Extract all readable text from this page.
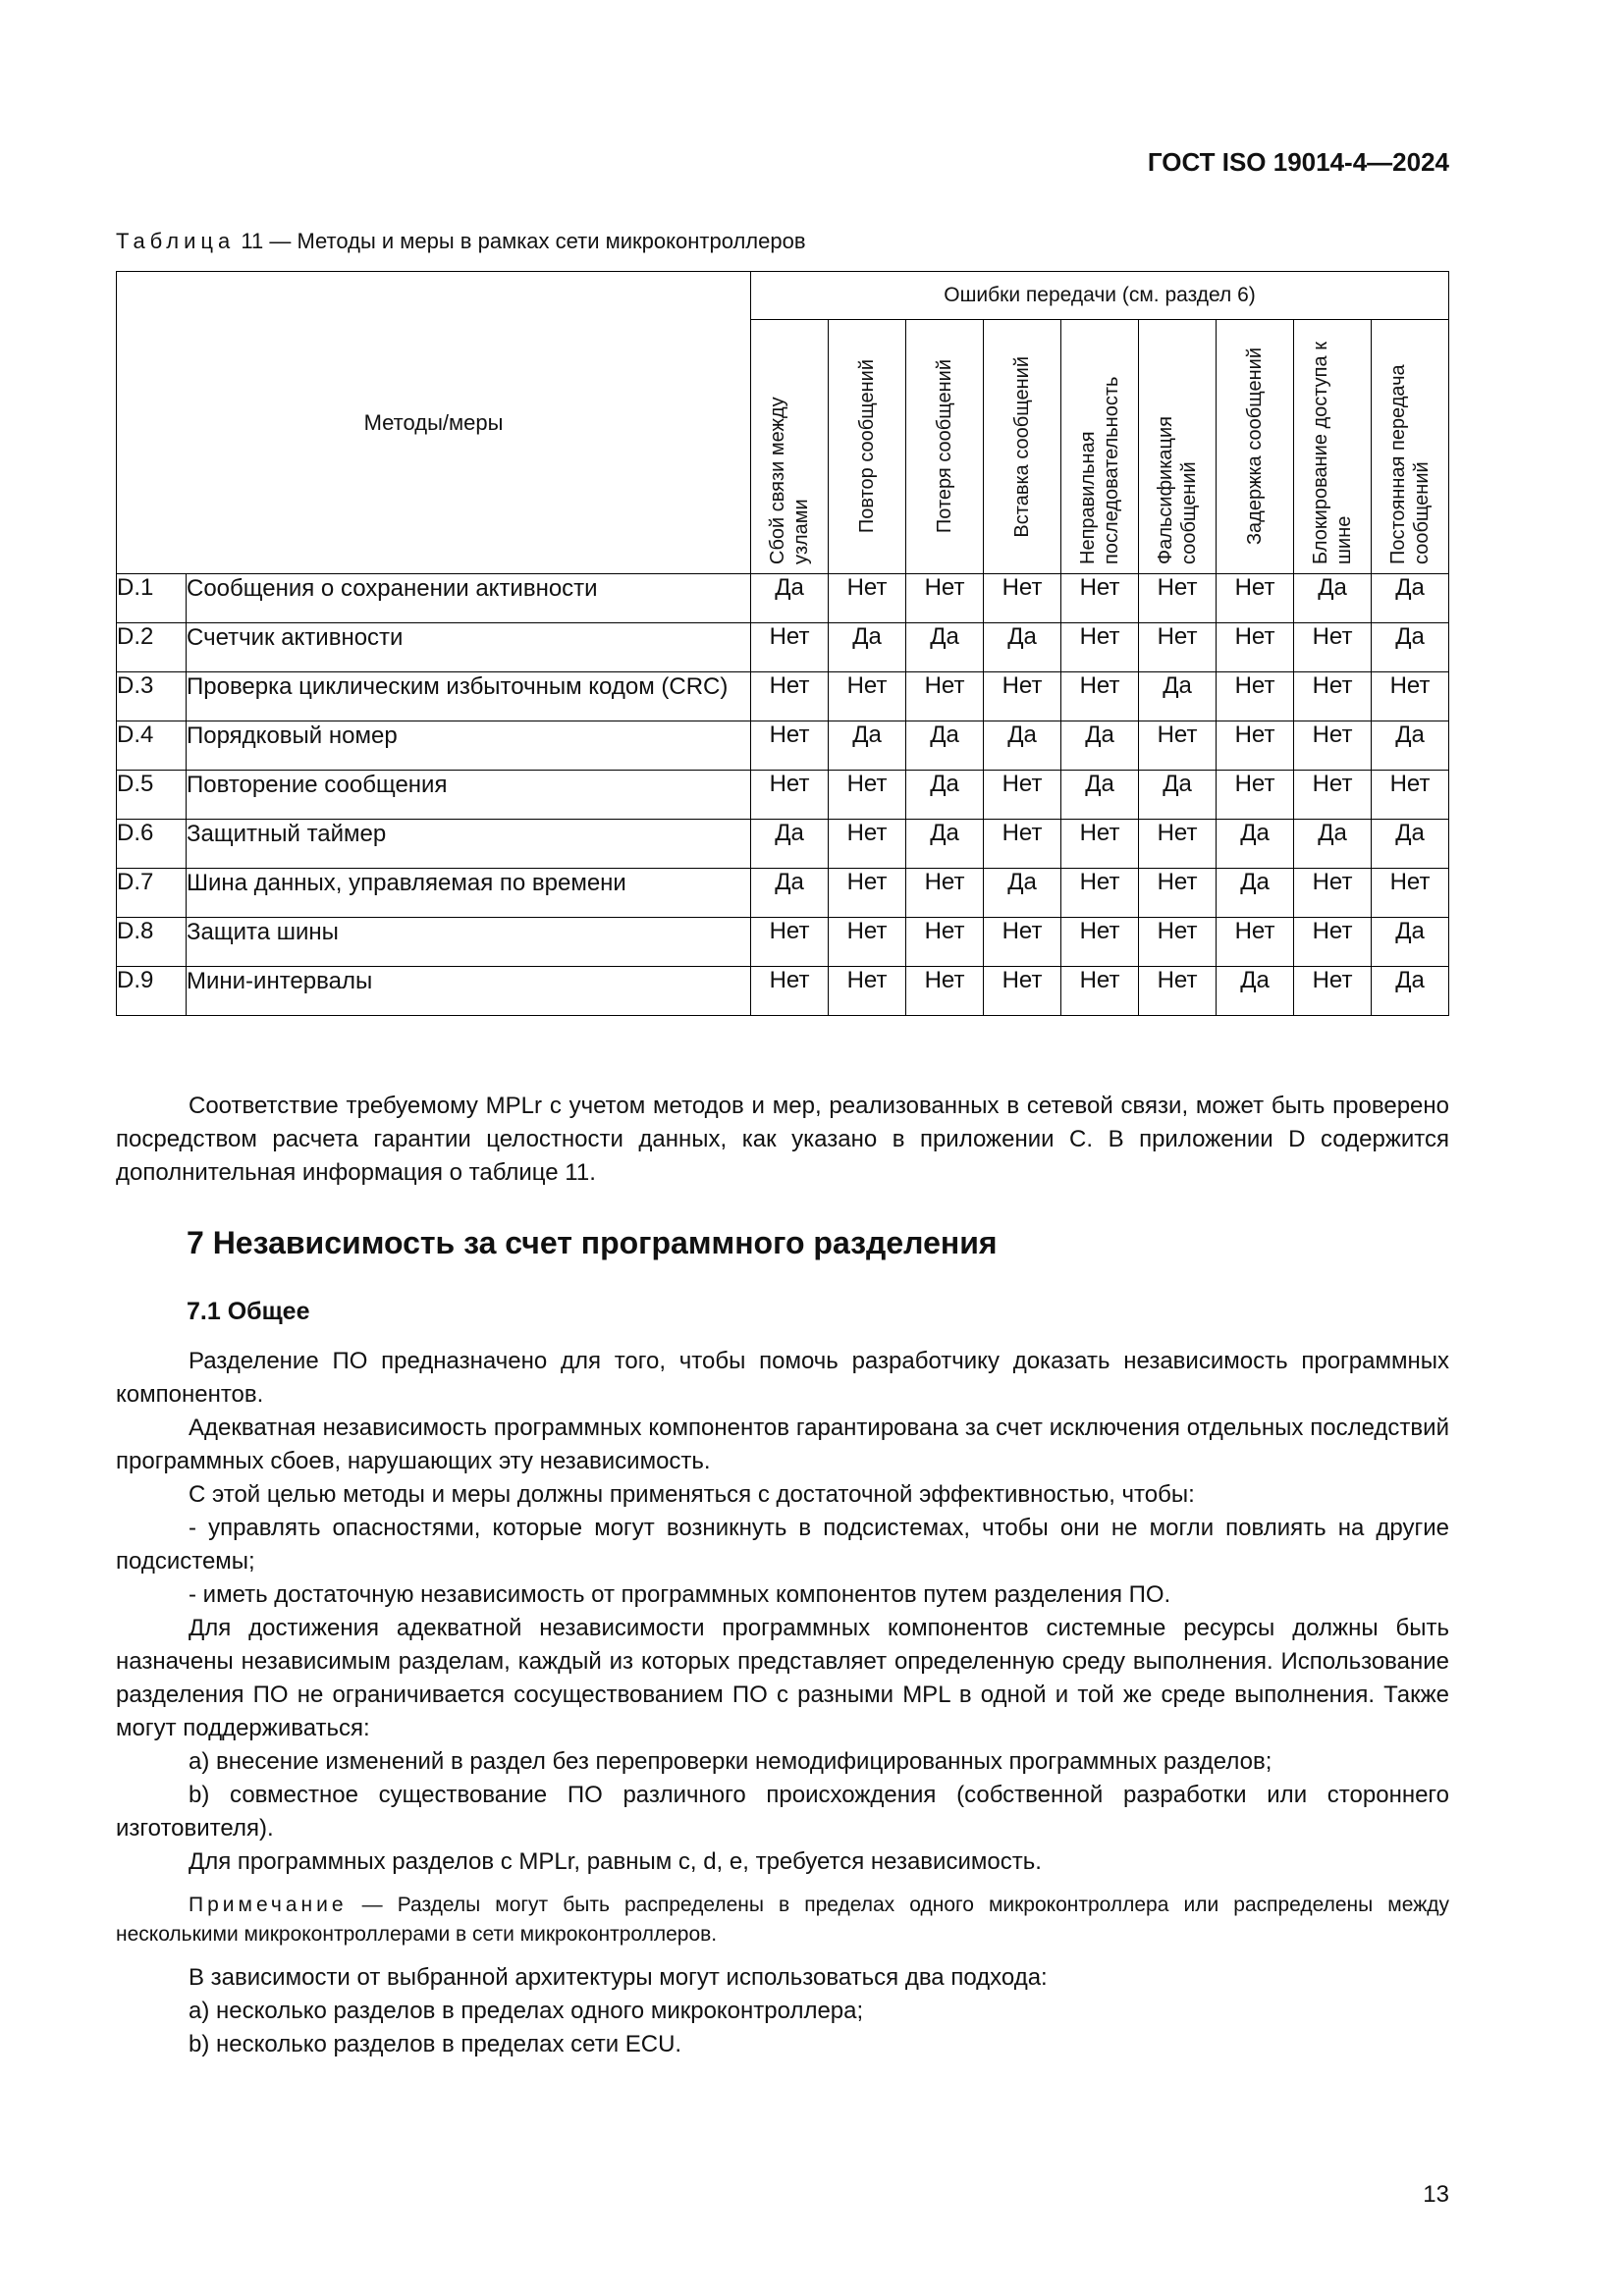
ГОСТ ISO 19014-4—2024
Таблица 11 — Методы и меры в рамках сети микроконтроллеров
Методы/меры		Ошибки передачи (см. раздел 6)								

		Сбой связи между узлами	Повтор сообщений	Потеря сообщений	Вставка сообщений	Неправильная последовательность	Фальсификация сообщений	Задержка сообщений	Блокирование доступа к шине	Постоянная передача сообщений

D.1	Сообщения о сохранении активности	Да	Нет	Нет	Нет	Нет	Нет	Нет	Да	Да
D.2	Счетчик активности	Нет	Да	Да	Да	Нет	Нет	Нет	Нет	Да
D.3	Проверка циклическим избыточным кодом (CRC)	Нет	Нет	Нет	Нет	Нет	Да	Нет	Нет	Нет
D.4	Порядковый номер	Нет	Да	Да	Да	Да	Нет	Нет	Нет	Да
D.5	Повторение сообщения	Нет	Нет	Да	Нет	Да	Да	Нет	Нет	Нет
D.6	Защитный таймер	Да	Нет	Да	Нет	Нет	Нет	Да	Да	Да
D.7	Шина данных, управляемая по времени	Да	Нет	Нет	Да	Нет	Нет	Да	Нет	Нет
D.8	Защита шины	Нет	Нет	Нет	Нет	Нет	Нет	Нет	Нет	Да
D.9	Мини-интервалы	Нет	Нет	Нет	Нет	Нет	Нет	Да	Нет	Да

Соответствие требуемому MPLr с учетом методов и мер, реализованных в сетевой связи, может быть проверено посредством расчета гарантии целостности данных, как указано в приложении C. В приложении D содержится дополнительная информация о таблице 11.

7 Независимость за счет программного разделения
7.1 Общее

Разделение ПО предназначено для того, чтобы помочь разработчику доказать независимость программных компонентов.

Адекватная независимость программных компонентов гарантирована за счет исключения отдельных последствий программных сбоев, нарушающих эту независимость.

С этой целью методы и меры должны применяться с достаточной эффективностью, чтобы:

- управлять опасностями, которые могут возникнуть в подсистемах, чтобы они не могли повлиять на другие подсистемы;

- иметь достаточную независимость от программных компонентов путем разделения ПО.

Для достижения адекватной независимости программных компонентов системные ресурсы должны быть назначены независимым разделам, каждый из которых представляет определенную среду выполнения. Использование разделения ПО не ограничивается сосуществованием ПО с разными MPL в одной и той же среде выполнения. Также могут поддерживаться:

a) внесение изменений в раздел без перепроверки немодифицированных программных разделов;

b) совместное существование ПО различного происхождения (собственной разработки или стороннего изготовителя).

Для программных разделов с MPLr, равным c, d, e, требуется независимость.

Примечание — Разделы могут быть распределены в пределах одного микроконтроллера или распределены между несколькими микроконтроллерами в сети микроконтроллеров.

В зависимости от выбранной архитектуры могут использоваться два подхода:

a) несколько разделов в пределах одного микроконтроллера;

b) несколько разделов в пределах сети ECU.

13
